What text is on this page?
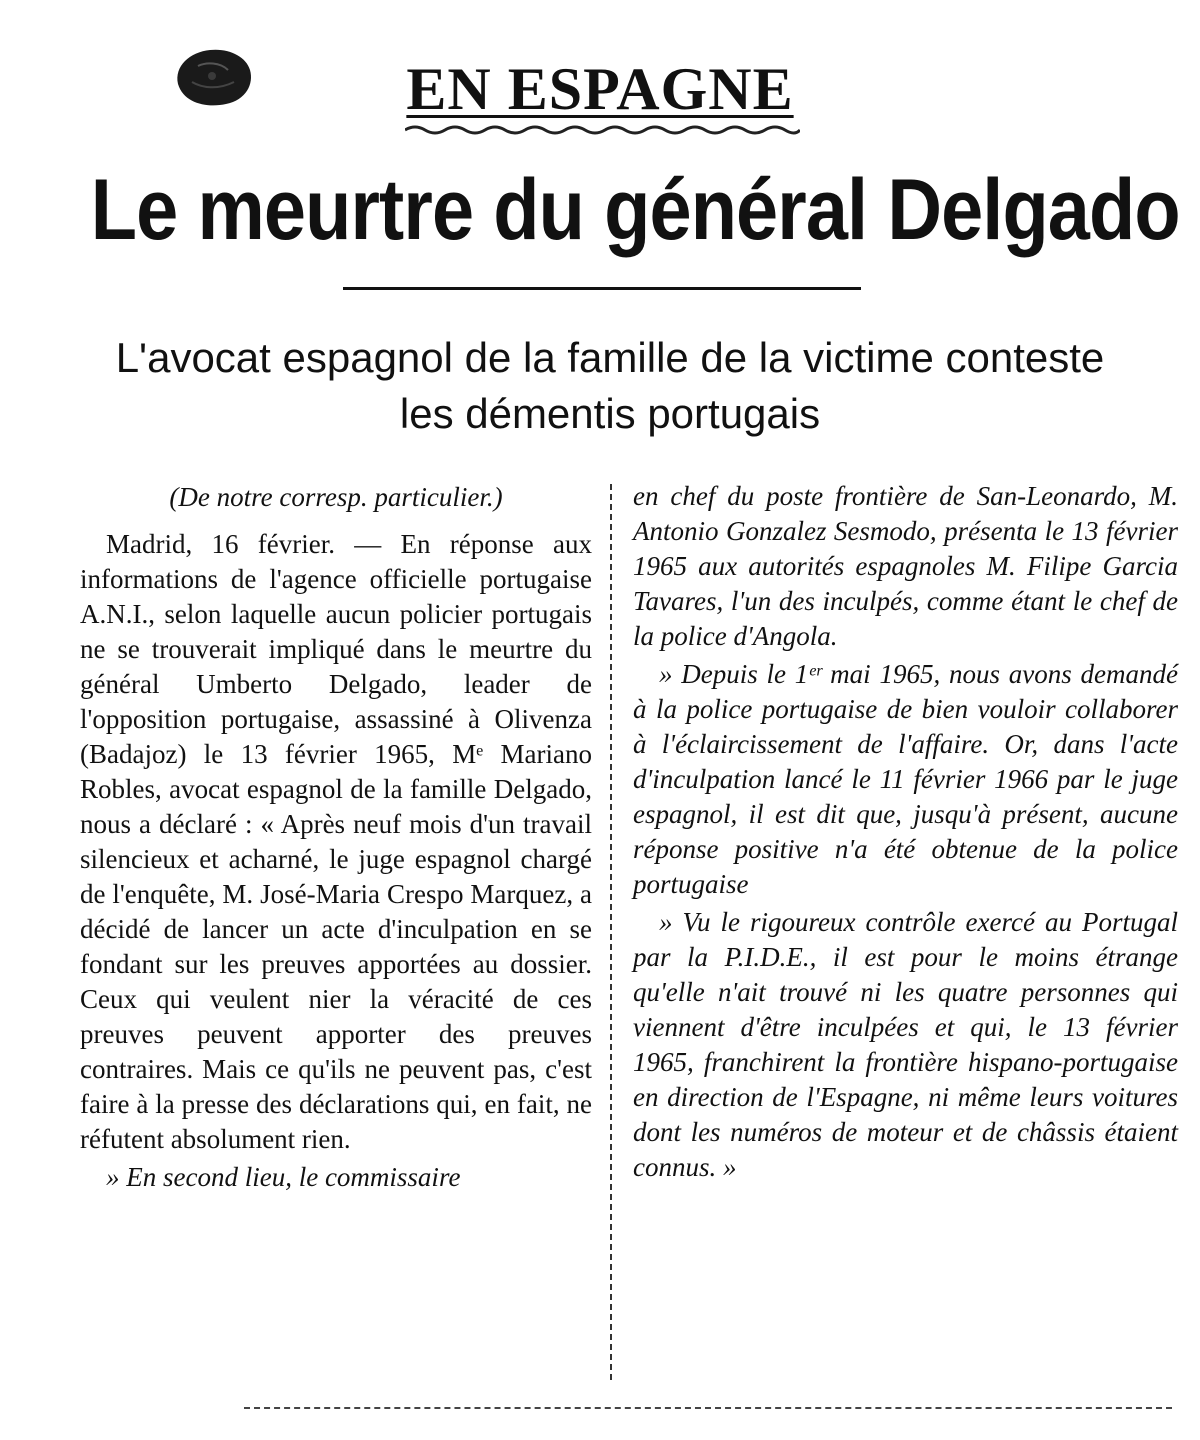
EN ESPAGNE
Le meurtre du général Delgado
L'avocat espagnol de la famille de la victime conteste
les démentis portugais

(De notre corresp. particulier.)

Madrid, 16 février. — En réponse aux informations de l'agence officielle portugaise A.N.I., selon laquelle aucun policier portugais ne se trouverait impliqué dans le meurtre du général Umberto Delgado, leader de l'opposition portugaise, assassiné à Olivenza (Badajoz) le 13 février 1965, Mᵉ Mariano Robles, avocat espagnol de la famille Delgado, nous a déclaré : « Après neuf mois d'un travail silencieux et acharné, le juge espagnol chargé de l'enquête, M. José-Maria Crespo Marquez, a décidé de lancer un acte d'inculpation en se fondant sur les preuves apportées au dossier. Ceux qui veulent nier la véracité de ces preuves peuvent apporter des preuves contraires. Mais ce qu'ils ne peuvent pas, c'est faire à la presse des déclarations qui, en fait, ne réfutent absolument rien.

» En second lieu, le commissaire

en chef du poste frontière de San-Leonardo, M. Antonio Gonzalez Sesmodo, présenta le 13 février 1965 aux autorités espagnoles M. Filipe Garcia Tavares, l'un des inculpés, comme étant le chef de la police d'Angola.

» Depuis le 1ᵉʳ mai 1965, nous avons demandé à la police portugaise de bien vouloir collaborer à l'éclaircissement de l'affaire. Or, dans l'acte d'inculpation lancé le 11 février 1966 par le juge espagnol, il est dit que, jusqu'à présent, aucune réponse positive n'a été obtenue de la police portugaise

» Vu le rigoureux contrôle exercé au Portugal par la P.I.D.E., il est pour le moins étrange qu'elle n'ait trouvé ni les quatre personnes qui viennent d'être inculpées et qui, le 13 février 1965, franchirent la frontière hispano-portugaise en direction de l'Espagne, ni même leurs voitures dont les numéros de moteur et de châssis étaient connus. »
